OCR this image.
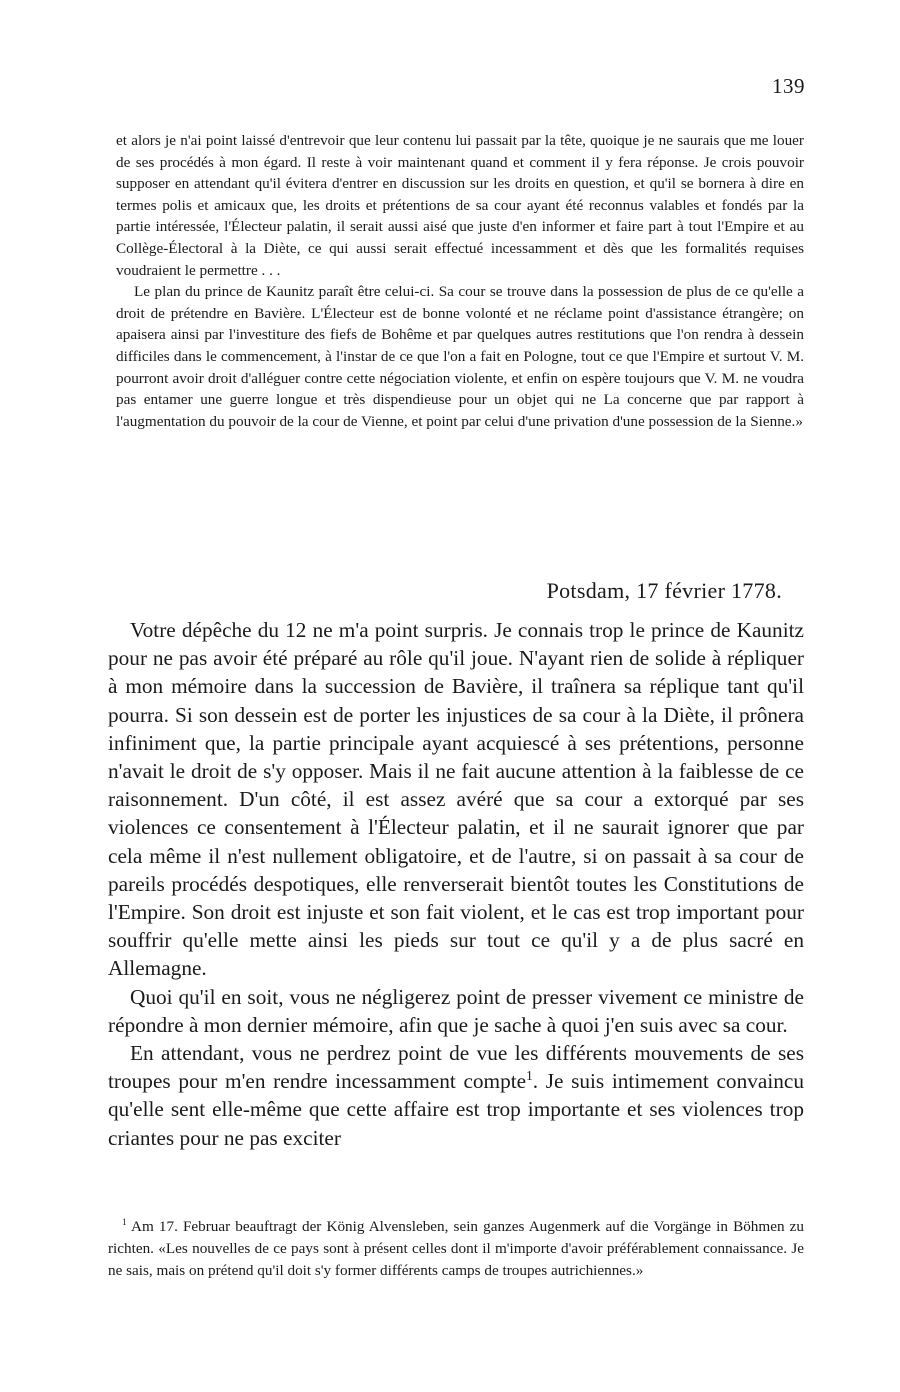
139

et alors je n'ai point laissé d'entrevoir que leur contenu lui passait par la tête, quoique je ne saurais que me louer de ses procédés à mon égard. Il reste à voir maintenant quand et comment il y fera réponse. Je crois pouvoir supposer en attendant qu'il évitera d'entrer en discussion sur les droits en question, et qu'il se bornera à dire en termes polis et amicaux que, les droits et prétentions de sa cour ayant été reconnus valables et fondés par la partie intéressée, l'Électeur palatin, il serait aussi aisé que juste d'en informer et faire part à tout l'Empire et au Collège-Électoral à la Diète, ce qui aussi serait effectué incessamment et dès que les formalités requises voudraient le permettre . . .

Le plan du prince de Kaunitz paraît être celui-ci. Sa cour se trouve dans la possession de plus de ce qu'elle a droit de prétendre en Bavière. L'Électeur est de bonne volonté et ne réclame point d'assistance étrangère; on apaisera ainsi par l'investiture des fiefs de Bohême et par quelques autres restitutions que l'on rendra à dessein difficiles dans le commencement, à l'instar de ce que l'on a fait en Pologne, tout ce que l'Empire et surtout V. M. pourront avoir droit d'alléguer contre cette négociation violente, et enfin on espère toujours que V. M. ne voudra pas entamer une guerre longue et très dispendieuse pour un objet qui ne La concerne que par rapport à l'augmentation du pouvoir de la cour de Vienne, et point par celui d'une privation d'une possession de la Sienne.»

Potsdam, 17 février 1778.

Votre dépêche du 12 ne m'a point surpris. Je connais trop le prince de Kaunitz pour ne pas avoir été préparé au rôle qu'il joue. N'ayant rien de solide à répliquer à mon mémoire dans la succession de Bavière, il traînera sa réplique tant qu'il pourra. Si son dessein est de porter les injustices de sa cour à la Diète, il prônera infiniment que, la partie principale ayant acquiescé à ses prétentions, personne n'avait le droit de s'y opposer. Mais il ne fait aucune attention à la faiblesse de ce raisonnement. D'un côté, il est assez avéré que sa cour a extorqué par ses violences ce consentement à l'Électeur palatin, et il ne saurait ignorer que par cela même il n'est nullement obligatoire, et de l'autre, si on passait à sa cour de pareils procédés despotiques, elle renverserait bientôt toutes les Constitutions de l'Empire. Son droit est injuste et son fait violent, et le cas est trop important pour souffrir qu'elle mette ainsi les pieds sur tout ce qu'il y a de plus sacré en Allemagne.

Quoi qu'il en soit, vous ne négligerez point de presser vivement ce ministre de répondre à mon dernier mémoire, afin que je sache à quoi j'en suis avec sa cour.

En attendant, vous ne perdrez point de vue les différents mouvements de ses troupes pour m'en rendre incessamment compte$^1$. Je suis intimement convaincu qu'elle sent elle-même que cette affaire est trop importante et ses violences trop criantes pour ne pas exciter

$^1$ Am 17. Februar beauftragt der König Alvensleben, sein ganzes Augenmerk auf die Vorgänge in Böhmen zu richten. «Les nouvelles de ce pays sont à présent celles dont il m'importe d'avoir préférablement connaissance. Je ne sais, mais on prétend qu'il doit s'y former différents camps de troupes autrichiennes.»
